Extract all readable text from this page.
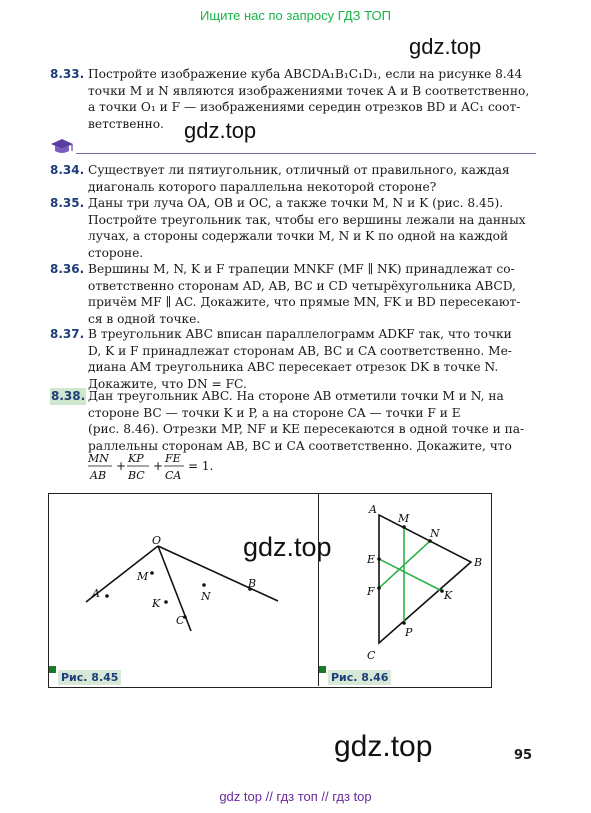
Ищите нас по запросу ГДЗ ТОП
gdz.top
gdz.top
gdz.top
gdz.top
8.33. Постройте изображение куба ABCDA₁B₁C₁D₁, если на рисунке 8.44
точки M и N являются изображениями точек A и B соответственно,
а точки O₁ и F — изображениями середин отрезков BD и AC₁ соот-
ветственно.
8.34. Существует ли пятиугольник, отличный от правильного, каждая
диагональ которого параллельна некоторой стороне?
8.35. Даны три луча OA, OB и OC, а также точки M, N и K (рис. 8.45).
Постройте треугольник так, чтобы его вершины лежали на данных
лучах, а стороны содержали точки M, N и K по одной на каждой
стороне.
8.36. Вершины M, N, K и F трапеции MNKF (MF ∥ NK) принадлежат со-
ответственно сторонам AD, AB, BC и CD четырёхугольника ABCD,
причём MF ∥ AC. Докажите, что прямые MN, FK и BD пересекают-
ся в одной точке.
8.37. В треугольник ABC вписан параллелограмм ADKF так, что точки
D, K и F принадлежат сторонам AB, BC и CA соответственно. Ме-
диана AM треугольника ABC пересекает отрезок DK в точке N.
Докажите, что DN = FC.
8.38. Дан треугольник ABC. На стороне AB отметили точки M и N, на
стороне BC — точки K и P, а на стороне CA — точки F и E
(рис. 8.46). Отрезки MP, NF и KE пересекаются в одной точке и па-
раллельны сторонам AB, BC и CA соответственно. Докажите, что
MN
AB
+
KP
BC
+
FE
CA
= 1.
O
A
B
C
M
N
K
A
M
N
B
E
F	K
P
C
Рис. 8.45	Рис. 8.46
95
gdz top // гдз топ // гдз top
